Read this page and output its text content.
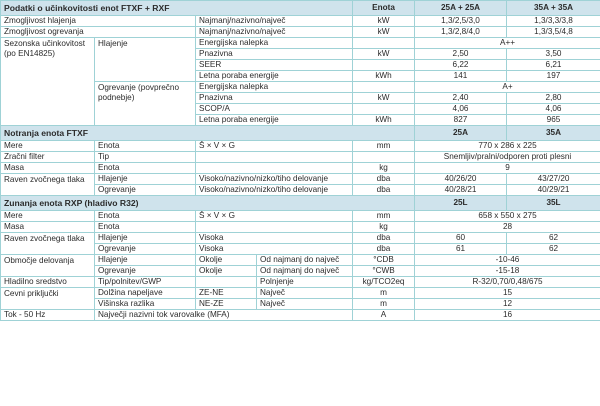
Podatki o učinkovitosti enot FTXF + RXF				Enota	25A + 25A	35A + 35A
Zmogljivost hlajenja		Najmanj/nazivno/največ		kW	1,3/2,5/3,0	1,3/3,3/3,8
Zmogljivost ogrevanja		Najmanj/nazivno/največ		kW	1,3/2,8/4,0	1,3/3,5/4,8
Sezonska učinkovitost (po EN14825)	Hlajenje	Energijska nalepka			A++	
		Pnazivna		kW	2,50	3,50
		SEER			6,22	6,21
		Letna poraba energije		kWh	141	197
	Ogrevanje (povprečno podnebje)	Energijska nalepka			A+	
		Pnazivna		kW	2,40	2,80
		SCOP/A			4,06	4,06
		Letna poraba energije		kWh	827	965
Notranja enota FTXF					25A	35A
Mere	Enota	Š × V × G		mm	770 x 286 x 225	
Zračni filter	Tip				Snemljiv/pralni/odporen proti plesni	
Masa	Enota			kg	9	
Raven zvočnega tlaka	Hlajenje	Visoko/nazivno/nizko/tiho delovanje		dba	40/26/20	43/27/20
	Ogrevanje	Visoko/nazivno/nizko/tiho delovanje		dba	40/28/21	40/29/21
Zunanja enota RXP (hladivo R32)					25L	35L
Mere	Enota	Š × V × G		mm	658 x 550 x 275	
Masa	Enota			kg	28	
Raven zvočnega tlaka	Hlajenje	Visoka		dba	60	62
	Ogrevanje	Visoka		dba	61	62
Območje delovanja	Hlajenje	Okolje	Od najmanj do največ	°CDB	-10-46	
	Ogrevanje	Okolje	Od najmanj do največ	°CWB	-15-18	
Hladilno sredstvo	Tip/polnitev/GWP		Polnjenje	kg/TCO2eq	R-32/0,70/0,48/675	
Cevni priključki	Dolžina napeljave	ZE-NE	Največ	m	15	
	Višinska razlika	NE-ZE	Največ	m	12	
Tok - 50 Hz	Največji nazivni tok varovalke (MFA)			A	16	
